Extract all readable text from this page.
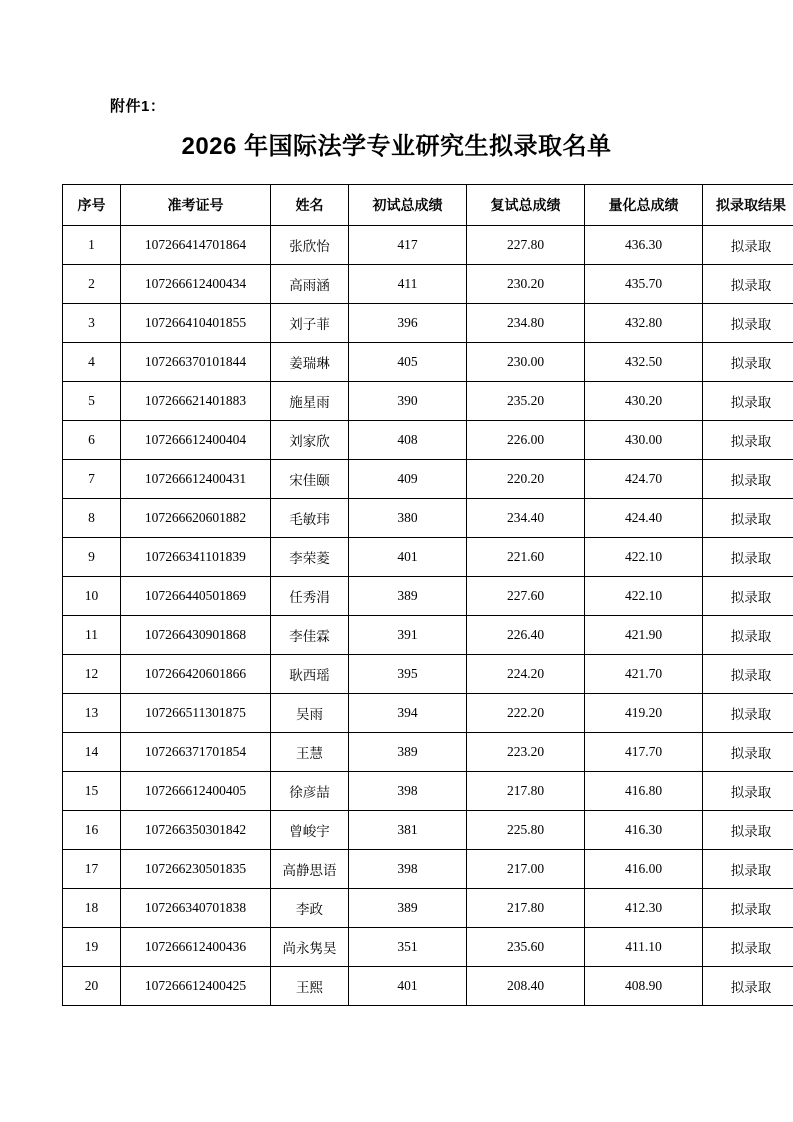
附件1：
2026 年国际法学专业研究生拟录取名单
序号	准考证号	姓名	初试总成绩	复试总成绩	量化总成绩	拟录取结果
1	107266414701864	张欣怡	417	227.80	436.30	拟录取
2	107266612400434	高雨涵	411	230.20	435.70	拟录取
3	107266410401855	刘子菲	396	234.80	432.80	拟录取
4	107266370101844	姜瑞琳	405	230.00	432.50	拟录取
5	107266621401883	施星雨	390	235.20	430.20	拟录取
6	107266612400404	刘家欣	408	226.00	430.00	拟录取
7	107266612400431	宋佳颐	409	220.20	424.70	拟录取
8	107266620601882	毛敏玮	380	234.40	424.40	拟录取
9	107266341101839	李荣菱	401	221.60	422.10	拟录取
10	107266440501869	任秀涓	389	227.60	422.10	拟录取
11	107266430901868	李佳霖	391	226.40	421.90	拟录取
12	107266420601866	耿西瑶	395	224.20	421.70	拟录取
13	107266511301875	吴雨	394	222.20	419.20	拟录取
14	107266371701854	王慧	389	223.20	417.70	拟录取
15	107266612400405	徐彦喆	398	217.80	416.80	拟录取
16	107266350301842	曾峻宇	381	225.80	416.30	拟录取
17	107266230501835	高静思语	398	217.00	416.00	拟录取
18	107266340701838	李政	389	217.80	412.30	拟录取
19	107266612400436	尚永隽昊	351	235.60	411.10	拟录取
20	107266612400425	王熙	401	208.40	408.90	拟录取
